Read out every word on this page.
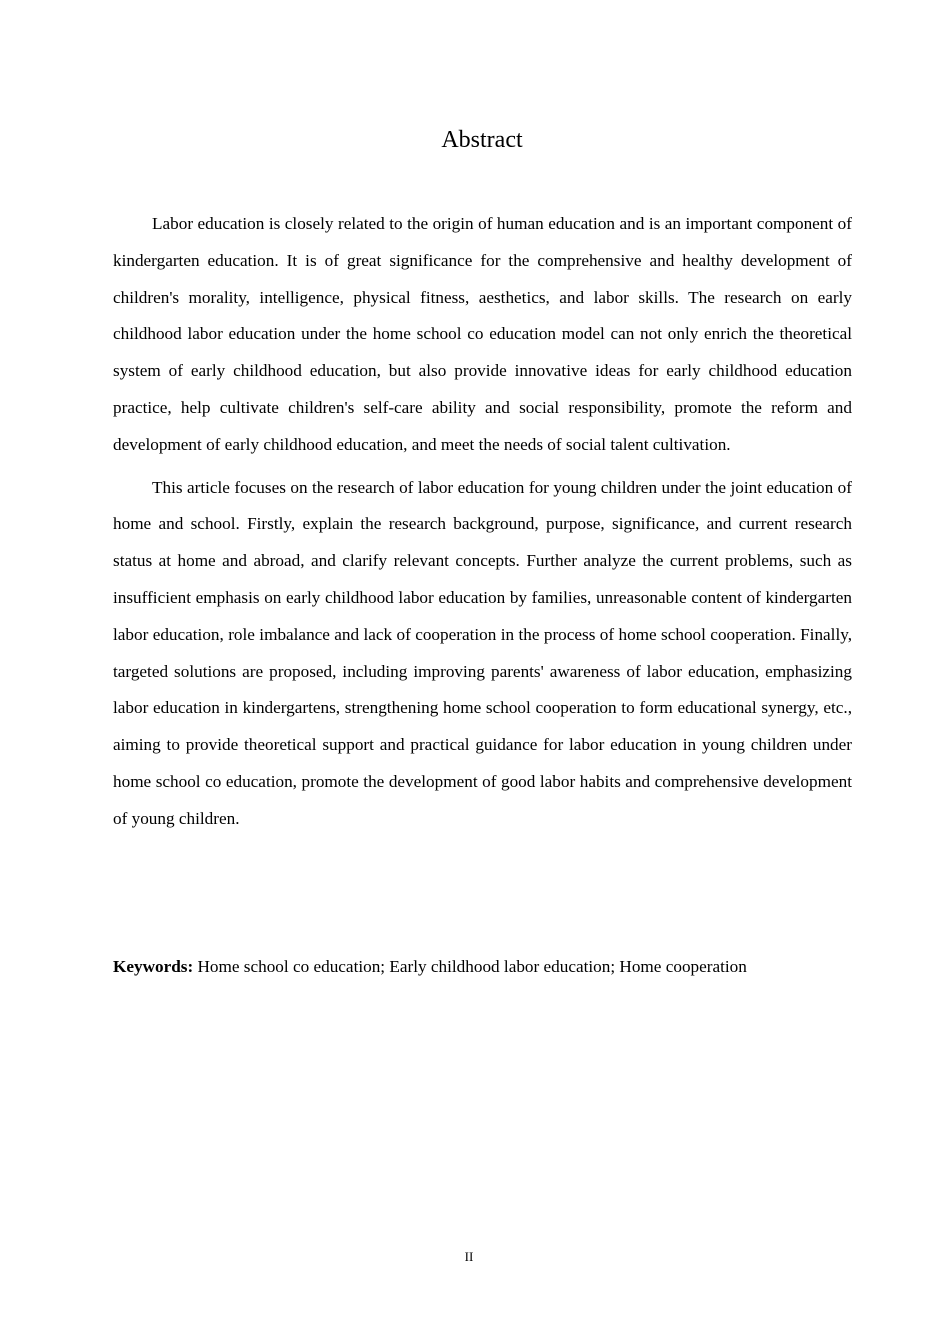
Abstract

Labor education is closely related to the origin of human education and is an important component of kindergarten education. It is of great significance for the comprehensive and healthy development of children's morality, intelligence, physical fitness, aesthetics, and labor skills. The research on early childhood labor education under the home school co education model can not only enrich the theoretical system of early childhood education, but also provide innovative ideas for early childhood education practice, help cultivate children's self-care ability and social responsibility, promote the reform and development of early childhood education, and meet the needs of social talent cultivation.

This article focuses on the research of labor education for young children under the joint education of home and school. Firstly, explain the research background, purpose, significance, and current research status at home and abroad, and clarify relevant concepts. Further analyze the current problems, such as insufficient emphasis on early childhood labor education by families, unreasonable content of kindergarten labor education, role imbalance and lack of cooperation in the process of home school cooperation. Finally, targeted solutions are proposed, including improving parents' awareness of labor education, emphasizing labor education in kindergartens, strengthening home school cooperation to form educational synergy, etc., aiming to provide theoretical support and practical guidance for labor education in young children under home school co education, promote the development of good labor habits and comprehensive development of young children.

Keywords: Home school co education; Early childhood labor education; Home cooperation

II
